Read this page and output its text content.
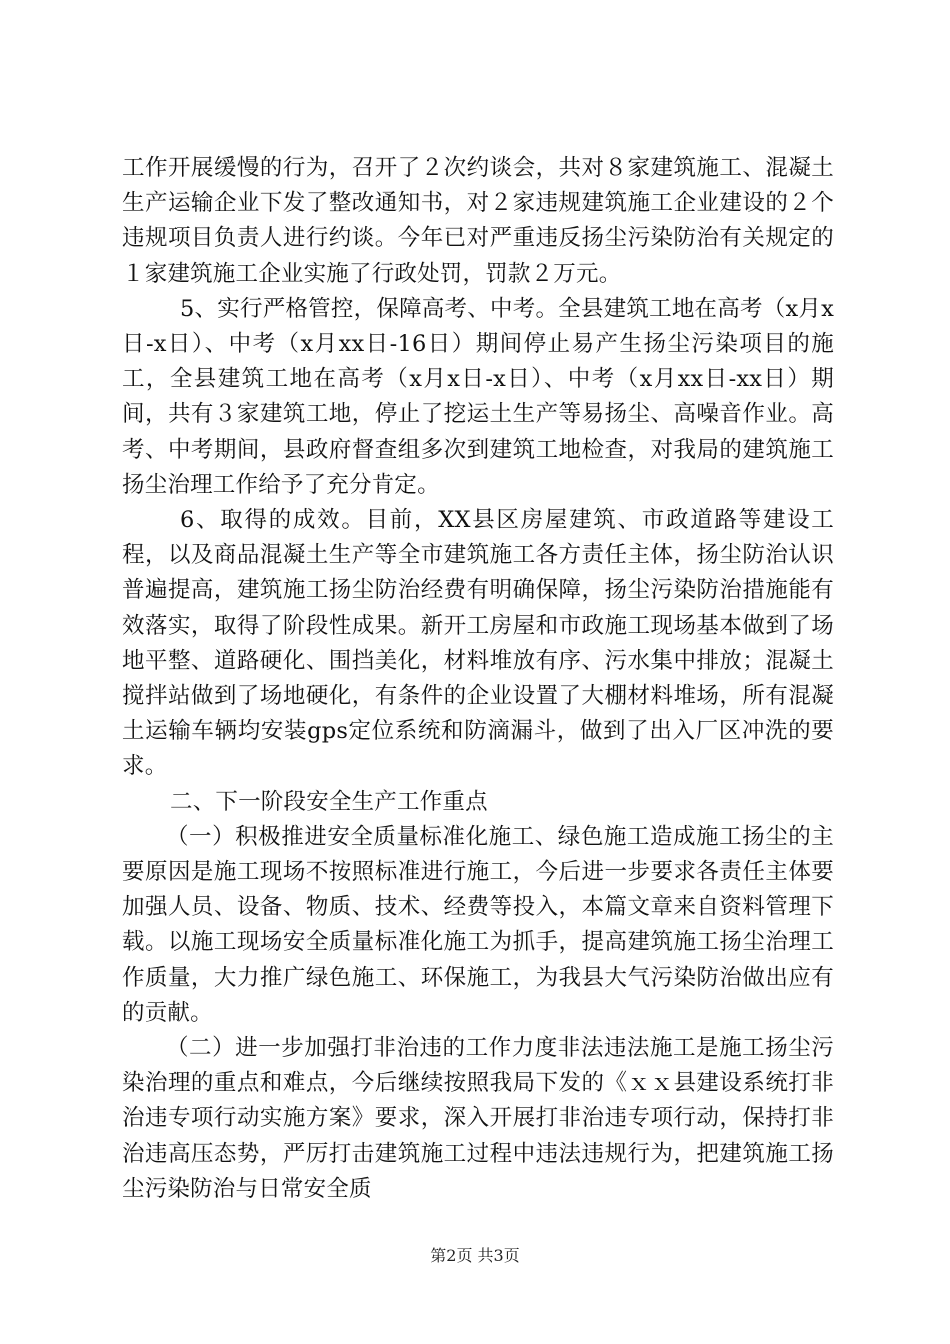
工作开展缓慢的行为，召开了２次约谈会，共对８家建筑施工、混凝土生产运输企业下发了整改通知书，对２家违规建筑施工企业建设的２个违规项目负责人进行约谈。今年已对严重违反扬尘污染防治有关规定的１家建筑施工企业实施了行政处罚，罚款２万元。

5、实行严格管控，保障高考、中考。全县建筑工地在高考（x月x日-x日）、中考（x月xx日-16日）期间停止易产生扬尘污染项目的施工，全县建筑工地在高考（x月x日-x日）、中考（x月xx日-xx日）期间，共有３家建筑工地，停止了挖运土生产等易扬尘、高噪音作业。高考、中考期间，县政府督查组多次到建筑工地检查，对我局的建筑施工扬尘治理工作给予了充分肯定。

6、取得的成效。目前，XX县区房屋建筑、市政道路等建设工程，以及商品混凝土生产等全市建筑施工各方责任主体，扬尘防治认识普遍提高，建筑施工扬尘防治经费有明确保障，扬尘污染防治措施能有效落实，取得了阶段性成果。新开工房屋和市政施工现场基本做到了场地平整、道路硬化、围挡美化，材料堆放有序、污水集中排放；混凝土搅拌站做到了场地硬化，有条件的企业设置了大棚材料堆场，所有混凝土运输车辆均安装gps定位系统和防滴漏斗，做到了出入厂区冲洗的要求。

二、下一阶段安全生产工作重点

（一）积极推进安全质量标准化施工、绿色施工造成施工扬尘的主要原因是施工现场不按照标准进行施工，今后进一步要求各责任主体要加强人员、设备、物质、技术、经费等投入，本篇文章来自资料管理下载。以施工现场安全质量标准化施工为抓手，提高建筑施工扬尘治理工作质量，大力推广绿色施工、环保施工，为我县大气污染防治做出应有的贡献。

（二）进一步加强打非治违的工作力度非法违法施工是施工扬尘污染治理的重点和难点，今后继续按照我局下发的《ｘｘ县建设系统打非治违专项行动实施方案》要求，深入开展打非治违专项行动，保持打非治违高压态势，严厉打击建筑施工过程中违法违规行为，把建筑施工扬尘污染防治与日常安全质

第2页 共3页
